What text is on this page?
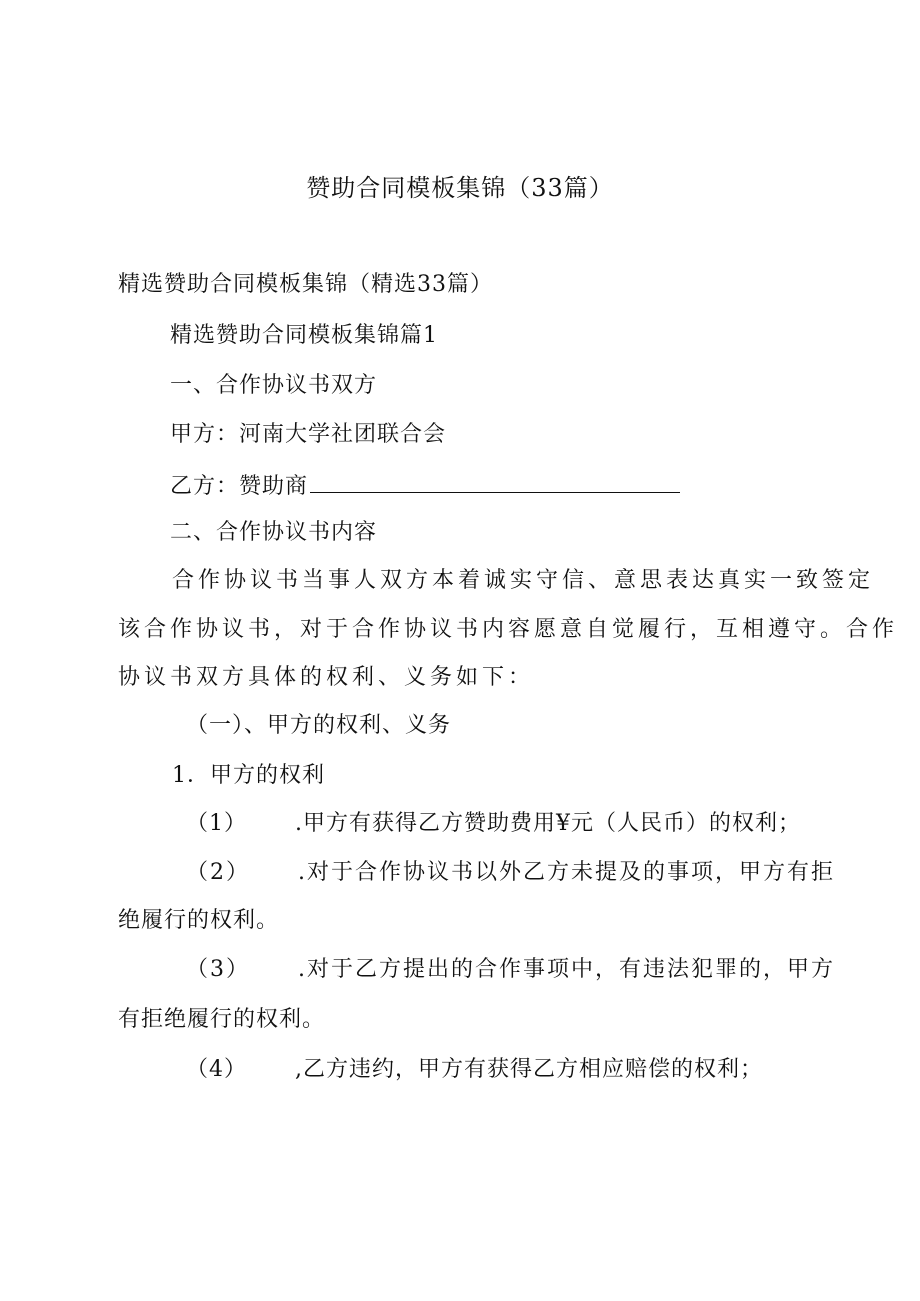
赞助合同模板集锦（33篇）
精选赞助合同模板集锦（精选33篇）
精选赞助合同模板集锦篇1
一、合作协议书双方
甲方：河南大学社团联合会
乙方：赞助商
二、合作协议书内容
合作协议书当事人双方本着诚实守信、意思表达真实一致签定
该合作协议书，对于合作协议书内容愿意自觉履行，互相遵守。合作
协议书双方具体的权利、义务如下：
（一）、甲方的权利、义务
1．甲方的权利
（1） .甲方有获得乙方赞助费用¥元（人民币）的权利；
（2） .对于合作协议书以外乙方未提及的事项，甲方有拒
绝履行的权利。
（3） .对于乙方提出的合作事项中，有违法犯罪的，甲方
有拒绝履行的权利。
（4） ,乙方违约，甲方有获得乙方相应赔偿的权利；
